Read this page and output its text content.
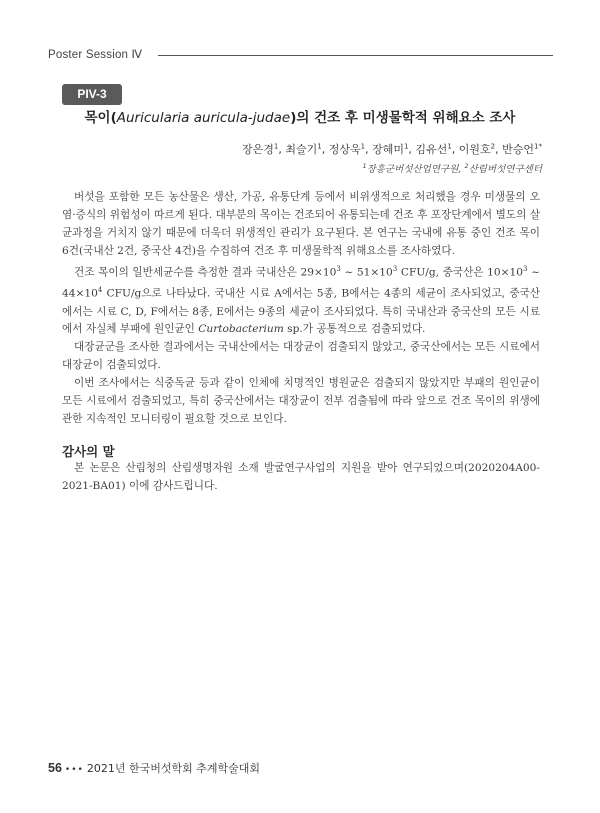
Poster Session Ⅳ
PIV-3
목이(Auricularia auricula-judae)의 건조 후 미생물학적 위해요소 조사
장은경$^1$, 최슬기$^1$, 정상욱$^1$, 장혜미$^1$, 김유선$^1$, 이원호$^2$, 반승언$^{1*}$
$^1$장흥군버섯산업연구원, $^2$산림버섯연구센터

버섯을 포함한 모든 농산물은 생산, 가공, 유통단계 등에서 비위생적으로 처리했을 경우 미생물의 오염·증식의 위험성이 따르게 된다. 대부분의 목이는 건조되어 유통되는데 건조 후 포장단계에서 별도의 살균과정을 거치지 않기 때문에 더욱더 위생적인 관리가 요구된다. 본 연구는 국내에 유통 중인 건조 목이 6건(국내산 2건, 중국산 4건)을 수집하여 건조 후 미생물학적 위해요소를 조사하였다.

건조 목이의 일반세균수를 측정한 결과 국내산은 $29\times 10^3$ ~ $51\times 10^3$ CFU/g, 중국산은 $10\times 10^3$ ~ $44\times 10^4$ CFU/g으로 나타났다. 국내산 시료 A에서는 5종, B에서는 4종의 세균이 조사되었고, 중국산에서는 시료 C, D, F에서는 8종, E에서는 9종의 세균이 조사되었다. 특히 국내산과 중국산의 모든 시료에서 자실체 부패에 원인균인 Curtobacterium sp.가 공통적으로 검출되었다.

대장균군을 조사한 결과에서는 국내산에서는 대장균이 검출되지 않았고, 중국산에서는 모든 시료에서 대장균이 검출되었다.

이번 조사에서는 식중독균 등과 같이 인체에 치명적인 병원균은 검출되지 않았지만 부패의 원인균이 모든 시료에서 검출되었고, 특히 중국산에서는 대장균이 전부 검출됨에 따라 앞으로 건조 목이의 위생에 관한 지속적인 모니터링이 필요할 것으로 보인다.

감사의 말

본 논문은 산림청의 산림생명자원 소재 발굴연구사업의 지원을 받아 연구되었으며(2020204A00-2021-BA01) 이에 감사드립니다.

56 ••• 2021년 한국버섯학회 추계학술대회
